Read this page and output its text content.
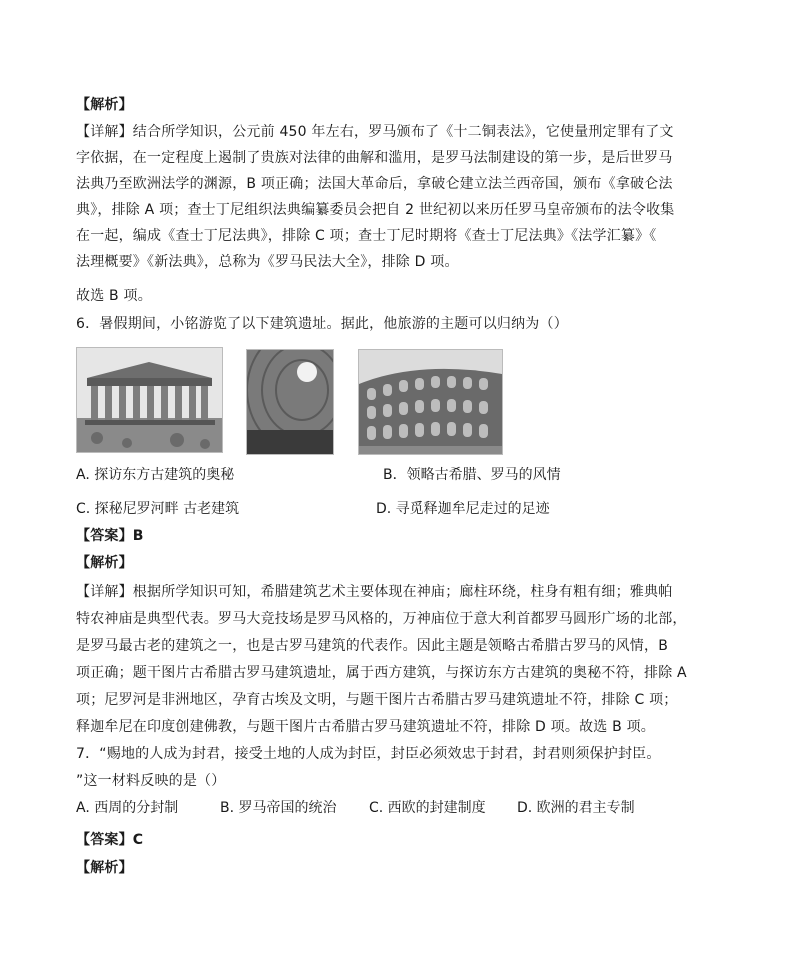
【解析】
【详解】结合所学知识，公元前 450 年左右，罗马颁布了《十二铜表法》，它使量刑定罪有了文
字依据，在一定程度上遏制了贵族对法律的曲解和滥用，是罗马法制建设的第一步，是后世罗马
法典乃至欧洲法学的渊源，B 项正确；法国大革命后，拿破仑建立法兰西帝国，颁布《拿破仑法
典》，排除 A 项；查士丁尼组织法典编纂委员会把自 2 世纪初以来历任罗马皇帝颁布的法令收集
在一起，编成《查士丁尼法典》，排除 C 项；查士丁尼时期将《查士丁尼法典》《法学汇纂》《
法理概要》《新法典》，总称为《罗马民法大全》，排除 D 项。
故选 B 项。
6．暑假期间，小铭游览了以下建筑遗址。据此，他旅游的主题可以归纳为（）
A. 探访东方古建筑的奥秘	B．领略古希腊、罗马的风情
C. 探秘尼罗河畔 古老建筑	D. 寻觅释迦牟尼走过的足迹
【答案】B
【解析】
【详解】根据所学知识可知，希腊建筑艺术主要体现在神庙；廊柱环绕，柱身有粗有细；雅典帕
特农神庙是典型代表。罗马大竞技场是罗马风格的，万神庙位于意大利首都罗马圆形广场的北部，
是罗马最古老的建筑之一，也是古罗马建筑的代表作。因此主题是领略古希腊古罗马的风情，B
项正确；题干图片古希腊古罗马建筑遗址，属于西方建筑，与探访东方古建筑的奥秘不符，排除 A
项；尼罗河是非洲地区，孕育古埃及文明，与题干图片古希腊古罗马建筑遗址不符，排除 C 项；
释迦牟尼在印度创建佛教，与题干图片古希腊古罗马建筑遗址不符，排除 D 项。故选 B 项。
7．“赐地的人成为封君，接受土地的人成为封臣，封臣必须效忠于封君，封君则须保护封臣。
”这一材料反映的是（）
A. 西周的分封制	B. 罗马帝国的统治 C. 西欧的封建制度 D. 欧洲的君主专制
【答案】C
【解析】
